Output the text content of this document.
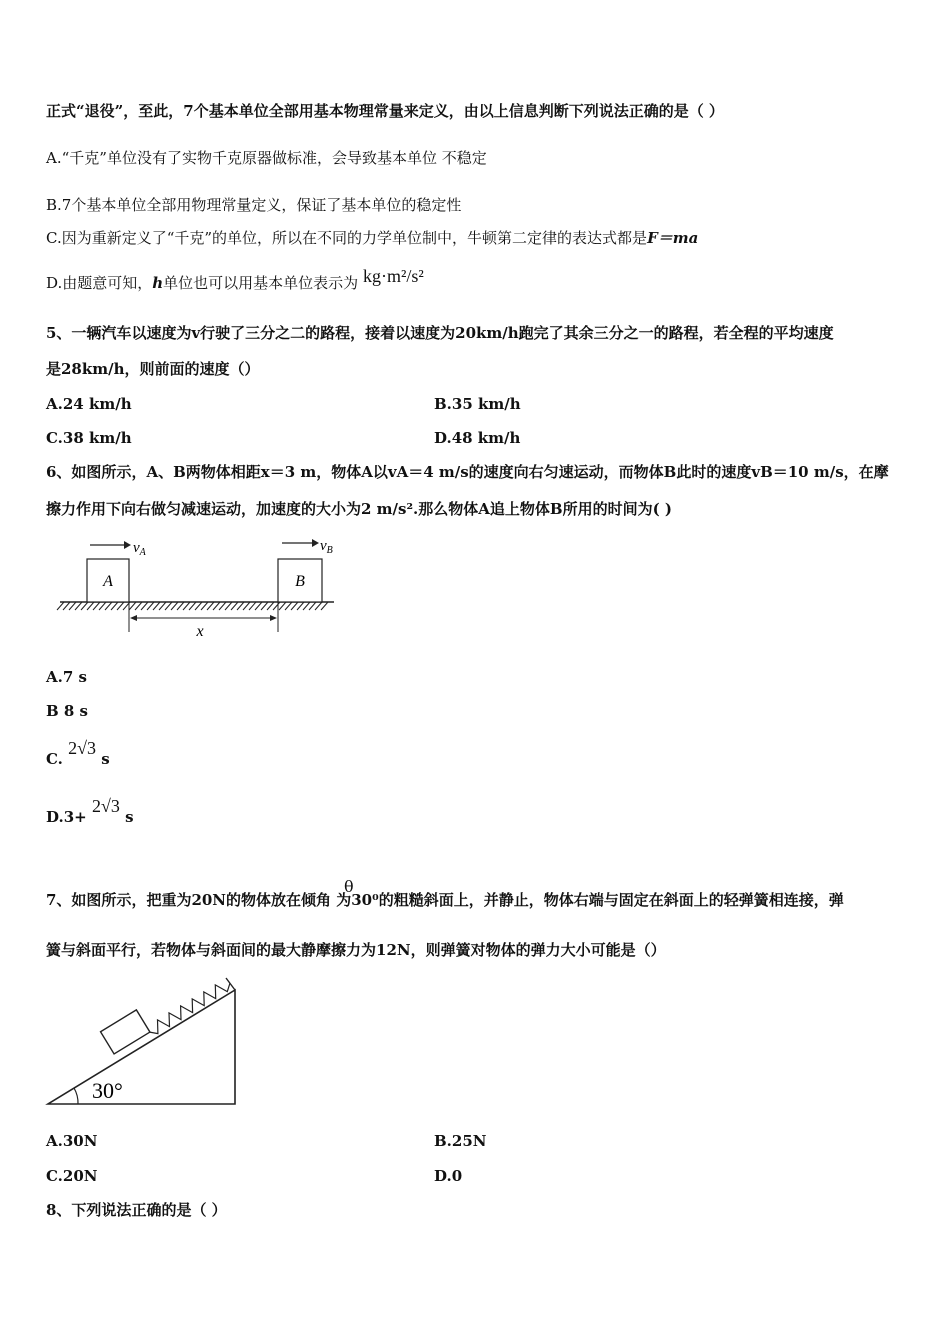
正式“退役”，至此，7个基本单位全部用基本物理常量来定义，由以上信息判断下列说法正确的是（ ）
A.“千克”单位没有了实物千克原器做标准，会导致基本单位 不稳定
B.7个基本单位全部用物理常量定义，保证了基本单位的稳定性
C.因为重新定义了“千克”的单位，所以在不同的力学单位制中，牛顿第二定律的表达式都是F＝ma
D.由题意可知，h单位也可以用基本单位表示为 kg·m²/s²
5、一辆汽车以速度为v行驶了三分之二的路程，接着以速度为20km/h跑完了其余三分之一的路程，若全程的平均速度
是28km/h，则前面的速度（）
A.24 km/h	B.35 km/h
C.38 km/h	D.48 km/h
6、如图所示，A、B两物体相距x＝3 m，物体A以vA＝4 m/s的速度向右匀速运动，而物体B此时的速度vB＝10 m/s，在摩
擦力作用下向右做匀减速运动，加速度的大小为2 m/s².那么物体A追上物体B所用的时间为( )
A	B
$v_A$	$v_B$
x
A.7 s
B 8 s
C. 2√3 s
D.3+ 2√3 s
θ
7、如图所示，把重为20N的物体放在倾角 为30⁰的粗糙斜面上，并静止，物体右端与固定在斜面上的轻弹簧相连接，弹
簧与斜面平行，若物体与斜面间的最大静摩擦力为12N，则弹簧对物体的弹力大小可能是（）
30°
A.30N	B.25N
C.20N	D.0
8、下列说法正确的是（ ）
